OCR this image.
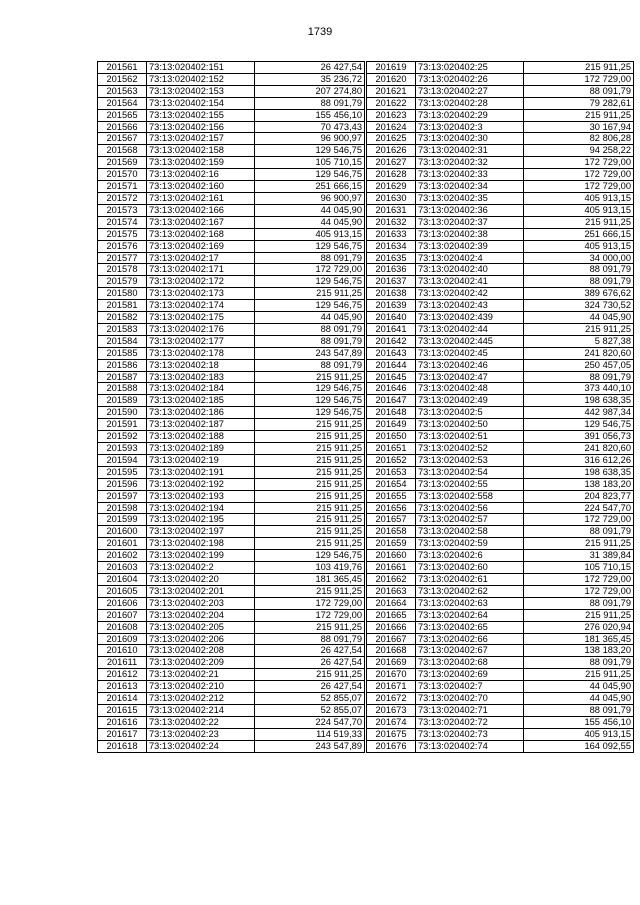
1739
201561	73:13:020402:151	26 427,54
201562	73:13:020402:152	35 236,72
201563	73:13:020402:153	207 274,80
201564	73:13:020402:154	88 091,79
201565	73:13:020402:155	155 456,10
201566	73:13:020402:156	70 473,43
201567	73:13:020402:157	96 900,97
201568	73:13:020402:158	129 546,75
201569	73:13:020402:159	105 710,15
201570	73:13:020402:16	129 546,75
201571	73:13:020402:160	251 666,15
201572	73:13:020402:161	96 900,97
201573	73:13:020402:166	44 045,90
201574	73:13:020402:167	44 045,90
201575	73:13:020402:168	405 913,15
201576	73:13:020402:169	129 546,75
201577	73:13:020402:17	88 091,79
201578	73:13:020402:171	172 729,00
201579	73:13:020402:172	129 546,75
201580	73:13:020402:173	215 911,25
201581	73:13:020402:174	129 546,75
201582	73:13:020402:175	44 045,90
201583	73:13:020402:176	88 091,79
201584	73:13:020402:177	88 091,79
201585	73:13:020402:178	243 547,89
201586	73:13:020402:18	88 091,79
201587	73:13:020402:183	215 911,25
201588	73:13:020402:184	129 546,75
201589	73:13:020402:185	129 546,75
201590	73:13:020402:186	129 546,75
201591	73:13:020402:187	215 911,25
201592	73:13:020402:188	215 911,25
201593	73:13:020402:189	215 911,25
201594	73:13:020402:19	215 911,25
201595	73:13:020402:191	215 911,25
201596	73:13:020402:192	215 911,25
201597	73:13:020402:193	215 911,25
201598	73:13:020402:194	215 911,25
201599	73:13:020402:195	215 911,25
201600	73:13:020402:197	215 911,25
201601	73:13:020402:198	215 911,25
201602	73:13:020402:199	129 546,75
201603	73:13:020402:2	103 419,76
201604	73:13:020402:20	181 365,45
201605	73:13:020402:201	215 911,25
201606	73:13:020402:203	172 729,00
201607	73:13:020402:204	172 729,00
201608	73:13:020402:205	215 911,25
201609	73:13:020402:206	88 091,79
201610	73:13:020402:208	26 427,54
201611	73:13:020402:209	26 427,54
201612	73:13:020402:21	215 911,25
201613	73:13:020402:210	26 427,54
201614	73:13:020402:212	52 855,07
201615	73:13:020402:214	52 855,07
201616	73:13:020402:22	224 547,70
201617	73:13:020402:23	114 519,33
201618	73:13:020402:24	243 547,89
201619	73:13:020402:25	215 911,25
201620	73:13:020402:26	172 729,00
201621	73:13:020402:27	88 091,79
201622	73:13:020402:28	79 282,61
201623	73:13:020402:29	215 911,25
201624	73:13:020402:3	30 167,94
201625	73:13:020402:30	82 806,28
201626	73:13:020402:31	94 258,22
201627	73:13:020402:32	172 729,00
201628	73:13:020402:33	172 729,00
201629	73:13:020402:34	172 729,00
201630	73:13:020402:35	405 913,15
201631	73:13:020402:36	405 913,15
201632	73:13:020402:37	215 911,25
201633	73:13:020402:38	251 666,15
201634	73:13:020402:39	405 913,15
201635	73:13:020402:4	34 000,00
201636	73:13:020402:40	88 091,79
201637	73:13:020402:41	88 091,79
201638	73:13:020402:42	389 676,62
201639	73:13:020402:43	324 730,52
201640	73:13:020402:439	44 045,90
201641	73:13:020402:44	215 911,25
201642	73:13:020402:445	5 827,38
201643	73:13:020402:45	241 820,60
201644	73:13:020402:46	250 457,05
201645	73:13:020402:47	88 091,79
201646	73:13:020402:48	373 440,10
201647	73:13:020402:49	198 638,35
201648	73:13:020402:5	442 987,34
201649	73:13:020402:50	129 546,75
201650	73:13:020402:51	391 056,73
201651	73:13:020402:52	241 820,60
201652	73:13:020402:53	316 612,26
201653	73:13:020402:54	198 638,35
201654	73:13:020402:55	138 183,20
201655	73:13:020402:558	204 823,77
201656	73:13:020402:56	224 547,70
201657	73:13:020402:57	172 729,00
201658	73:13:020402:58	88 091,79
201659	73:13:020402:59	215 911,25
201660	73:13:020402:6	31 389,84
201661	73:13:020402:60	105 710,15
201662	73:13:020402:61	172 729,00
201663	73:13:020402:62	172 729,00
201664	73:13:020402:63	88 091,79
201665	73:13:020402:64	215 911,25
201666	73:13:020402:65	276 020,94
201667	73:13:020402:66	181 365,45
201668	73:13:020402:67	138 183,20
201669	73:13:020402:68	88 091,79
201670	73:13:020402:69	215 911,25
201671	73:13:020402:7	44 045,90
201672	73:13:020402:70	44 045,90
201673	73:13:020402:71	88 091,79
201674	73:13:020402:72	155 456,10
201675	73:13:020402:73	405 913,15
201676	73:13:020402:74	164 092,55
